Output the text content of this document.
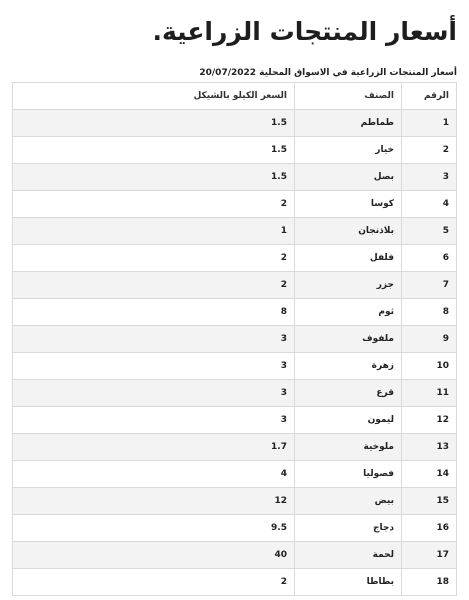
أسعار المنتجات الزراعية.
أسعار المنتجات الزراعية في الاسواق المحلية 20/07/2022
الرقم	الصنف	السعر الكيلو بالشيكل
1	طماطم	1.5
2	خيار	1.5
3	بصل	1.5
4	كوسا	2
5	بلاذنجان	1
6	فلفل	2
7	جزر	2
8	ثوم	8
9	ملفوف	3
10	زهرة	3
11	قرع	3
12	ليمون	3
13	ملوخية	1.7
14	فصوليا	4
15	بيض	12
16	دجاج	9.5
17	لحمة	40
18	بطاطا	2
